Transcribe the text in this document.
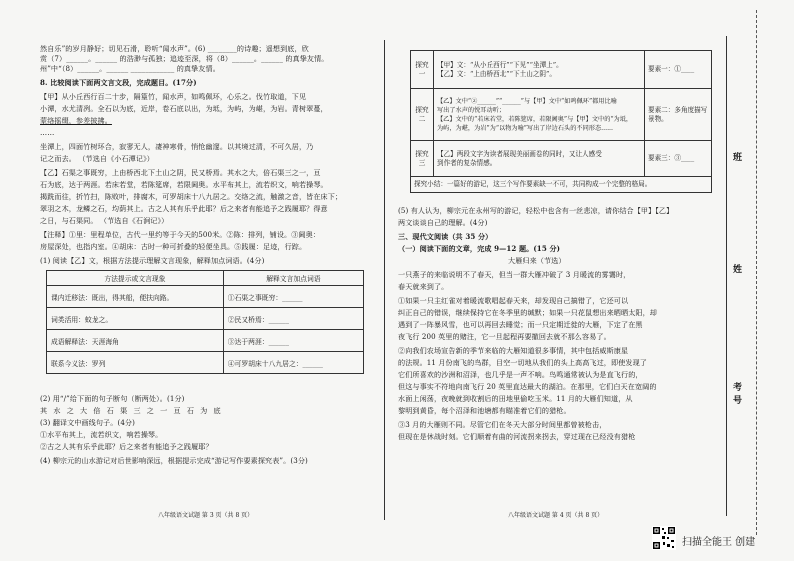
然自乐”的岁月静好；切见石滑，聆听“闻水声”。(6) ________的诗趣；遥想到底，欣
赏（7）______。______ 的浩渺与孤独；追迹至深，将（8）______。______ 的真挚友情。
州”中“（8）______。______ ____________ 的真挚友情。
8. 比较阅读下面两文言文段，完成题目。(17分)
【甲】从小丘西行百二十步，隔篁竹，闻水声，如鸣佩环，心乐之。伐竹取道，下见
小潭，水尤清冽。全石以为底，近岸，卷石底以出，为坻，为屿，为嵁，为岩。青树翠蔓，
蒙络摇缀，参差披拂。
……
坐潭上，四面竹树环合，寂寥无人，凄神寒骨，悄怆幽邃。以其境过清，不可久居，乃
记之而去。 （节选自《小石潭记》）
【乙】石渠之事既穷，上由桥西北下土山之阴，民又桥焉。其水之大，倍石渠三之一，亘
石为底，达于两涯。若床若堂，若陈筵席，若限阃奥。水平布其上，流若织文，响若操琴。
揭跣而往，折竹扫，陈败叶，排腐木，可罗胡床十八九居之。交络之流，触激之音，皆在床下；
翠羽之木，龙鳞之石，均荫其上。古之人其有乐乎此耶？后之来者有能追予之践履耶？得意
之日，与石渠同。 （节选自《石涧记》）
【注释】①里：里程单位，古代一里约等于今天的500米。②陈：排列，铺设。③阃奥：
房屋深处，也指内室。④胡床：古时一种可折叠的轻便坐具。⑤践履：足迹，行踪。
(1) 阅读【乙】文，根据方法提示理解文言现象，解释加点词语。(4分)
方法提示或文言现象	解释文言加点词语
课内迁移法：既出，得其船，便扶向路。	①石渠之事既穷：______
词类活用：蚊龙之。	②民又桥焉：______
成语解释法：天涯海角	③达于两涯：______
联系今义法：罗列	④可罗胡床十八九居之：______
(2) 用“/”给下面的句子断句（断两处）。(1分)
其 水 之 大 倍 石 渠 三 之 一 亘 石 为 底
(3) 翻译文中画线句子。(4分)
①水平布其上，流若织文，响若操琴。
②古之人其有乐乎此耶？后之来者有能追予之践履耶？
(4) 柳宗元的山水游记对后世影响深远，根据提示完成“游记写作要素探究表”。(3分)
八年级语文试题 第 3 页（共 8 页）
探究一	【甲】文：“从小丘西行”“下见”“坐潭上”。
【乙】文：“上由桥西北”“下土山之阴”。	要素一：①____
探究二	【乙】文中“②______”“______”与【甲】文中“如鸣佩环”都用比喻
写出了水声的悦耳动听；
【乙】文中的“若床若堂，若陈筵席，若限阃奥”与【甲】文中的“为坻，
为屿，为嵁，为岩”为“以物为喻”写出了岸边石头的不同形态......	要素二：多角度描写景物。
探究三	【乙】两段文字为读者展现美丽画卷的同时，又让人感受
到作者的复杂情感。	要素三：③____
探究小结：一篇好的游记，这三个写作要素缺一不可，共同构成一个完整的格局。		
(5) 有人认为，柳宗元在永州写的游记，轻松中也含有一丝悲凉，请你结合【甲】【乙】
两文谈谈自己的理解。(4分)
三、现代文阅读（共 35 分）
（一）阅读下面的文章，完成 9—12 题。(15 分)
大雁归来（节选）
一只燕子的来临说明不了春天，但当一群大雁冲破了 3 月暖流的雾霭时，
春天就来到了。
①如果一只主红雀对着暖流歌唱起春天来，却发现自己搞错了，它还可以
纠正自己的错误，继续保持它在冬季里的缄默；如果一只花鼠想出来晒晒太阳，却
遇到了一阵暴风雪，也可以再回去睡觉；而一只定期迁徙的大雁，下定了在黑
夜飞行 200 英里的赌注，它一旦起程再要撤回去就不那么容易了。
②向我们农场宣告新的季节来临的大雁知道很多事情，其中包括威斯康星
的法规。11 月份南飞的鸟群，目空一切地从我们的头上高高飞过，即使发现了
它们所喜欢的沙洲和沼泽，也几乎是一声不响。鸟鸣通常被认为是直飞行的，
但这与事实不符地向南飞行 20 英里直达最大的湖泊。在那里，它们白天在宽阔的
水面上闲荡，夜晚就到收割后的田地里偷吃玉米。11 月的大雁们知道，从
黎明到黄昏，每个沼泽和池塘都有瞄准着它们的猎枪。
③3 月的大雁则不同。尽管它们在冬天大部分时间里都曾被枪击，
但现在是休战时刻。它们顺着有曲的河流拐来拐去，穿过现在已经没有猎枪
八年级语文试题 第 4 页（共 8 页）
班
姓
考号
扫描全能王 创建
